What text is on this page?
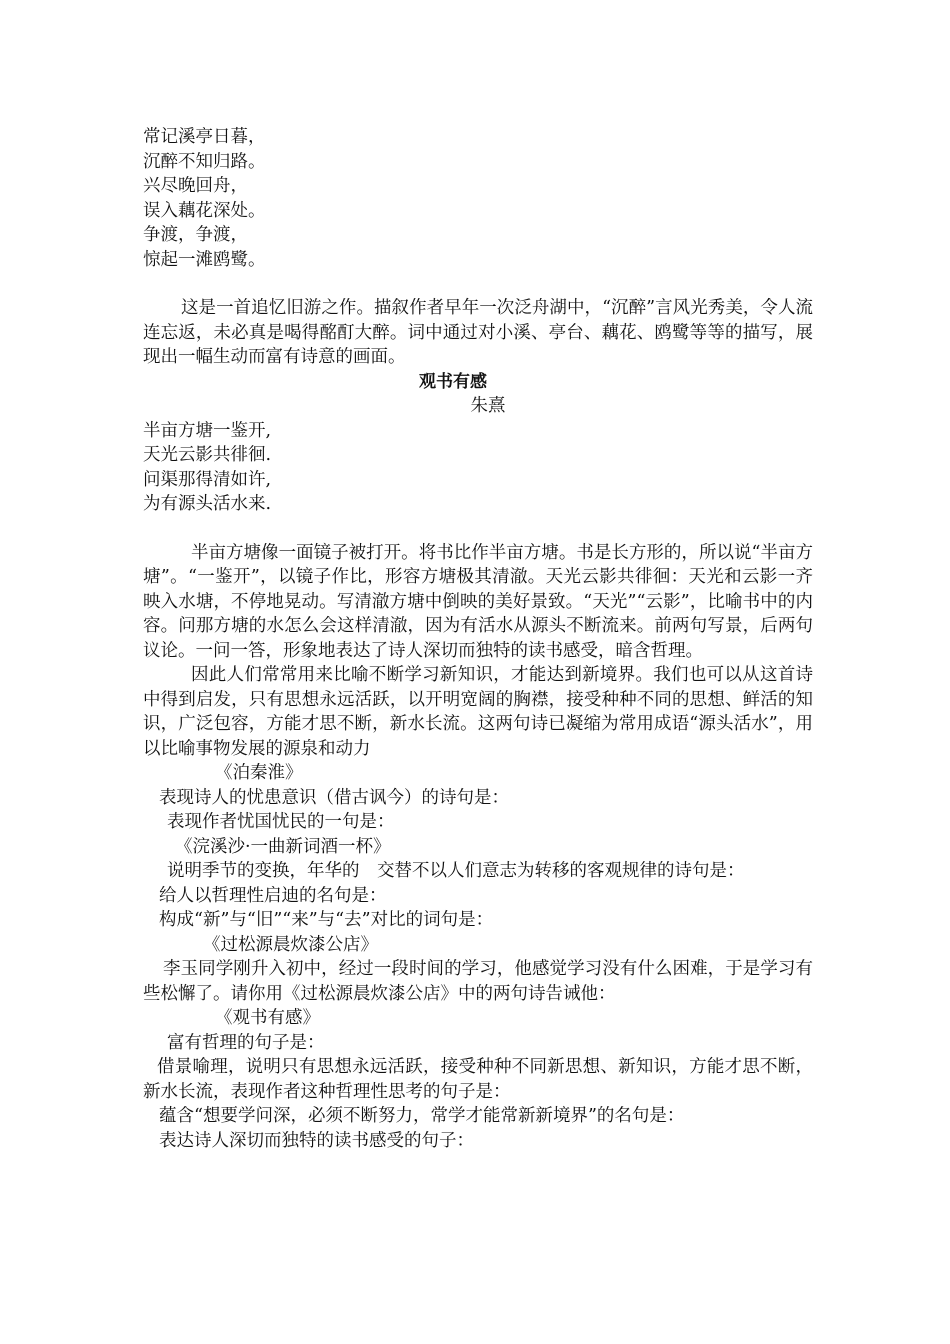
常记溪亭日暮，
沉醉不知归路。
兴尽晚回舟，
误入藕花深处。
争渡，争渡，
惊起一滩鸥鹭。
这是一首追忆旧游之作。描叙作者早年一次泛舟湖中，“沉醉”言风光秀美，令人流连忘返，未必真是喝得酩酊大醉。词中通过对小溪、亭台、藕花、鸥鹭等等的描写，展现出一幅生动而富有诗意的画面。
观书有感
朱熹
半亩方塘一鉴开,
天光云影共徘徊.
问渠那得清如许,
为有源头活水来.
半亩方塘像一面镜子被打开。将书比作半亩方塘。书是长方形的，所以说“半亩方塘”。“一鉴开”，以镜子作比，形容方塘极其清澈。天光云影共徘徊：天光和云影一齐映入水塘，不停地晃动。写清澈方塘中倒映的美好景致。“天光”“云影”，比喻书中的内容。问那方塘的水怎么会这样清澈，因为有活水从源头不断流来。前两句写景，后两句议论。一问一答，形象地表达了诗人深切而独特的读书感受，暗含哲理。
因此人们常常用来比喻不断学习新知识，才能达到新境界。我们也可以从这首诗中得到启发，只有思想永远活跃，以开明宽阔的胸襟，接受种种不同的思想、鲜活的知识，广泛包容，方能才思不断，新水长流。这两句诗已凝缩为常用成语“源头活水”，用以比喻事物发展的源泉和动力
《泊秦淮》
表现诗人的忧患意识（借古讽今）的诗句是：
表现作者忧国忧民的一句是：
《浣溪沙·一曲新词酒一杯》
说明季节的变换，年华的　交替不以人们意志为转移的客观规律的诗句是：
给人以哲理性启迪的名句是：
构成“新”与“旧”“来”与“去”对比的词句是：
《过松源晨炊漆公店》
李玉同学刚升入初中，经过一段时间的学习，他感觉学习没有什么困难，于是学习有些松懈了。请你用《过松源晨炊漆公店》中的两句诗告诫他：
《观书有感》
富有哲理的句子是：
借景喻理，说明只有思想永远活跃，接受种种不同新思想、新知识，方能才思不断，新水长流，表现作者这种哲理性思考的句子是：
蕴含“想要学问深，必须不断努力，常学才能常新新境界”的名句是：
表达诗人深切而独特的读书感受的句子：
